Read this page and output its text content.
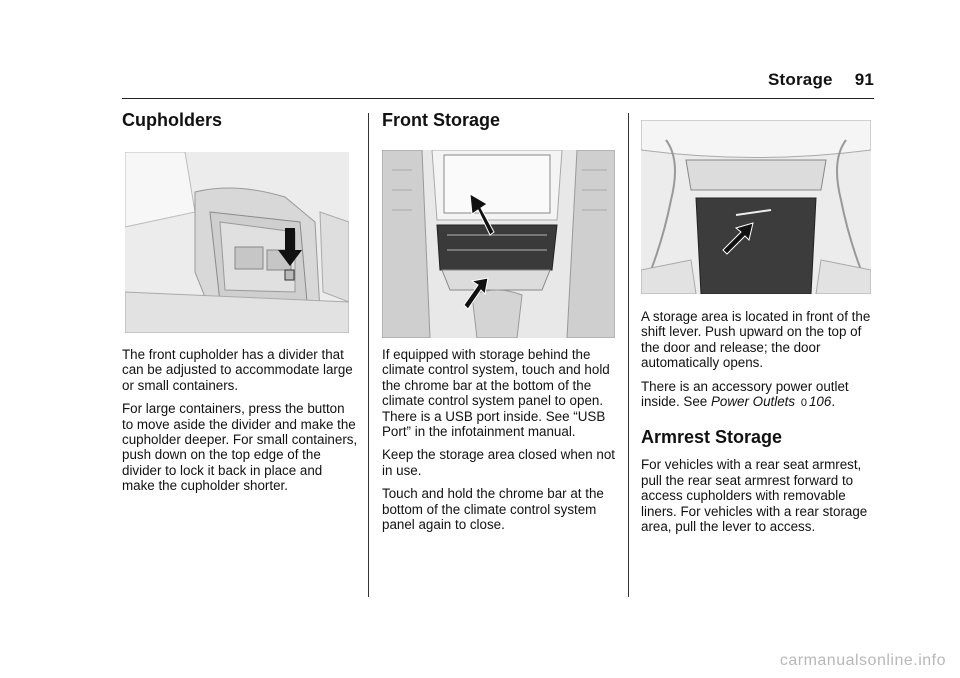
Storage 91
Cupholders

The front cupholder has a divider that can be adjusted to accommodate large or small containers.

For large containers, press the button to move aside the divider and make the cupholder deeper. For small containers, push down on the top edge of the divider to lock it back in place and make the cupholder shorter.

Front Storage

If equipped with storage behind the climate control system, touch and hold the chrome bar at the bottom of the climate control system panel to open. There is a USB port inside. See “USB Port” in the infotainment manual.

Keep the storage area closed when not in use.

Touch and hold the chrome bar at the bottom of the climate control system panel again to close.

A storage area is located in front of the shift lever. Push upward on the top of the door and release; the door automatically opens.

There is an accessory power outlet inside. See Power Outlets 0 106.

Armrest Storage

For vehicles with a rear seat armrest, pull the rear seat armrest forward to access cupholders with removable liners. For vehicles with a rear storage area, pull the lever to access.

carmanualsonline.info
